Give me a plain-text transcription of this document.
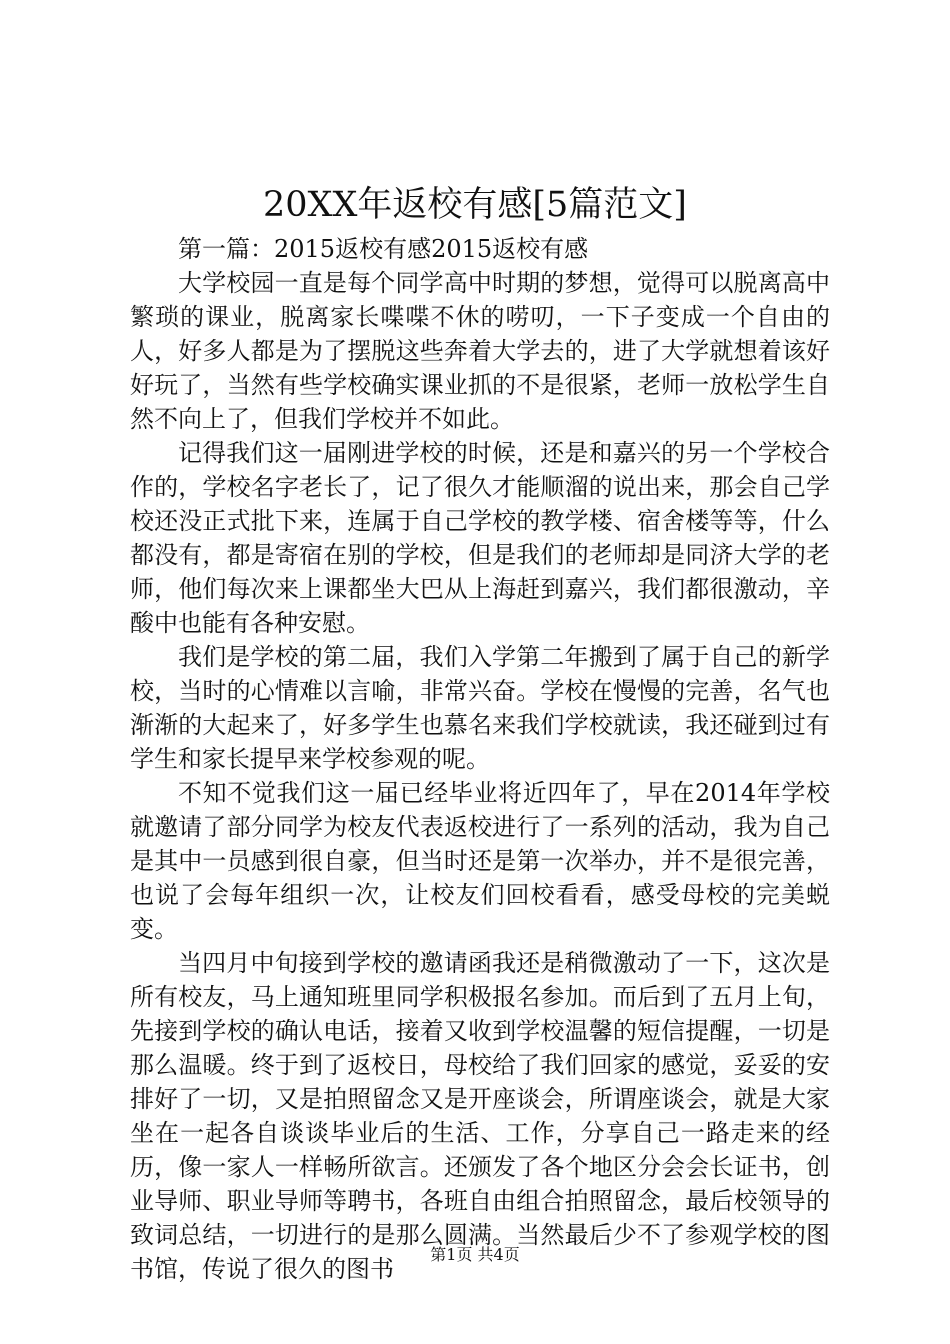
20XX年返校有感[5篇范文]
第一篇：2015返校有感2015返校有感

大学校园一直是每个同学高中时期的梦想，觉得可以脱离高中繁琐的课业，脱离家长喋喋不休的唠叨，一下子变成一个自由的人，好多人都是为了摆脱这些奔着大学去的，进了大学就想着该好好玩了，当然有些学校确实课业抓的不是很紧，老师一放松学生自然不向上了，但我们学校并不如此。

记得我们这一届刚进学校的时候，还是和嘉兴的另一个学校合作的，学校名字老长了，记了很久才能顺溜的说出来，那会自己学校还没正式批下来，连属于自己学校的教学楼、宿舍楼等等，什么都没有，都是寄宿在别的学校，但是我们的老师却是同济大学的老师，他们每次来上课都坐大巴从上海赶到嘉兴，我们都很激动，辛酸中也能有各种安慰。

我们是学校的第二届，我们入学第二年搬到了属于自己的新学校，当时的心情难以言喻，非常兴奋。学校在慢慢的完善，名气也渐渐的大起来了，好多学生也慕名来我们学校就读，我还碰到过有学生和家长提早来学校参观的呢。

不知不觉我们这一届已经毕业将近四年了，早在2014年学校就邀请了部分同学为校友代表返校进行了一系列的活动，我为自己是其中一员感到很自豪，但当时还是第一次举办，并不是很完善，也说了会每年组织一次，让校友们回校看看，感受母校的完美蜕变。

当四月中旬接到学校的邀请函我还是稍微激动了一下，这次是所有校友，马上通知班里同学积极报名参加。而后到了五月上旬，先接到学校的确认电话，接着又收到学校温馨的短信提醒，一切是那么温暖。终于到了返校日，母校给了我们回家的感觉，妥妥的安排好了一切，又是拍照留念又是开座谈会，所谓座谈会，就是大家坐在一起各自谈谈毕业后的生活、工作，分享自己一路走来的经历，像一家人一样畅所欲言。还颁发了各个地区分会会长证书，创业导师、职业导师等聘书，各班自由组合拍照留念，最后校领导的致词总结，一切进行的是那么圆满。当然最后少不了参观学校的图书馆，传说了很久的图书

第1页 共4页
